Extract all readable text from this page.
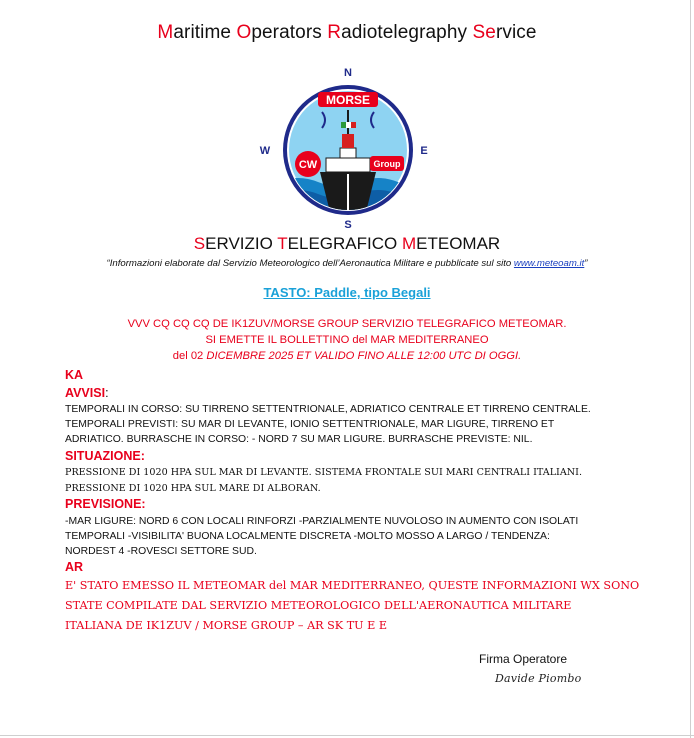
Maritime Operators Radiotelegraphy Service
MORSE
CW	Group
N
S
W	E
SERVIZIO TELEGRAFICO METEOMAR
“Informazioni elaborate dal Servizio Meteorologico dell’Aeronautica Militare e pubblicate sul sito www.meteoam.it”
TASTO: Paddle, tipo Begali
VVV CQ CQ CQ DE IK1ZUV/MORSE GROUP SERVIZIO TELEGRAFICO METEOMAR.
SI EMETTE IL BOLLETTINO del MAR MEDITERRANEO
del 02 DICEMBRE 2025 ET VALIDO FINO ALLE 12:00 UTC DI OGGI.
KA
AVVISI:
TEMPORALI IN CORSO: SU TIRRENO SETTENTRIONALE, ADRIATICO CENTRALE ET TIRRENO CENTRALE.
TEMPORALI PREVISTI: SU MAR DI LEVANTE, IONIO SETTENTRIONALE, MAR LIGURE, TIRRENO ET
ADRIATICO. BURRASCHE IN CORSO: - NORD 7 SU MAR LIGURE. BURRASCHE PREVISTE: NIL.
SITUAZIONE:
PRESSIONE DI 1020 HPA SUL MAR DI LEVANTE. SISTEMA FRONTALE SUI MARI CENTRALI ITALIANI.
PRESSIONE DI 1020 HPA SUL MARE DI ALBORAN.
PREVISIONE:
-MAR LIGURE: NORD 6 CON LOCALI RINFORZI -PARZIALMENTE NUVOLOSO IN AUMENTO CON ISOLATI
TEMPORALI -VISIBILITA' BUONA LOCALMENTE DISCRETA -MOLTO MOSSO A LARGO / TENDENZA:
NORDEST 4 -ROVESCI SETTORE SUD.
AR
E' STATO EMESSO IL METEOMAR del MAR MEDITERRANEO, QUESTE INFORMAZIONI WX SONO
STATE COMPILATE DAL SERVIZIO METEOROLOGICO DELL'AERONAUTICA MILITARE
ITALIANA DE IK1ZUV / MORSE GROUP – AR SK TU E E
Firma Operatore
Davide Piombo
